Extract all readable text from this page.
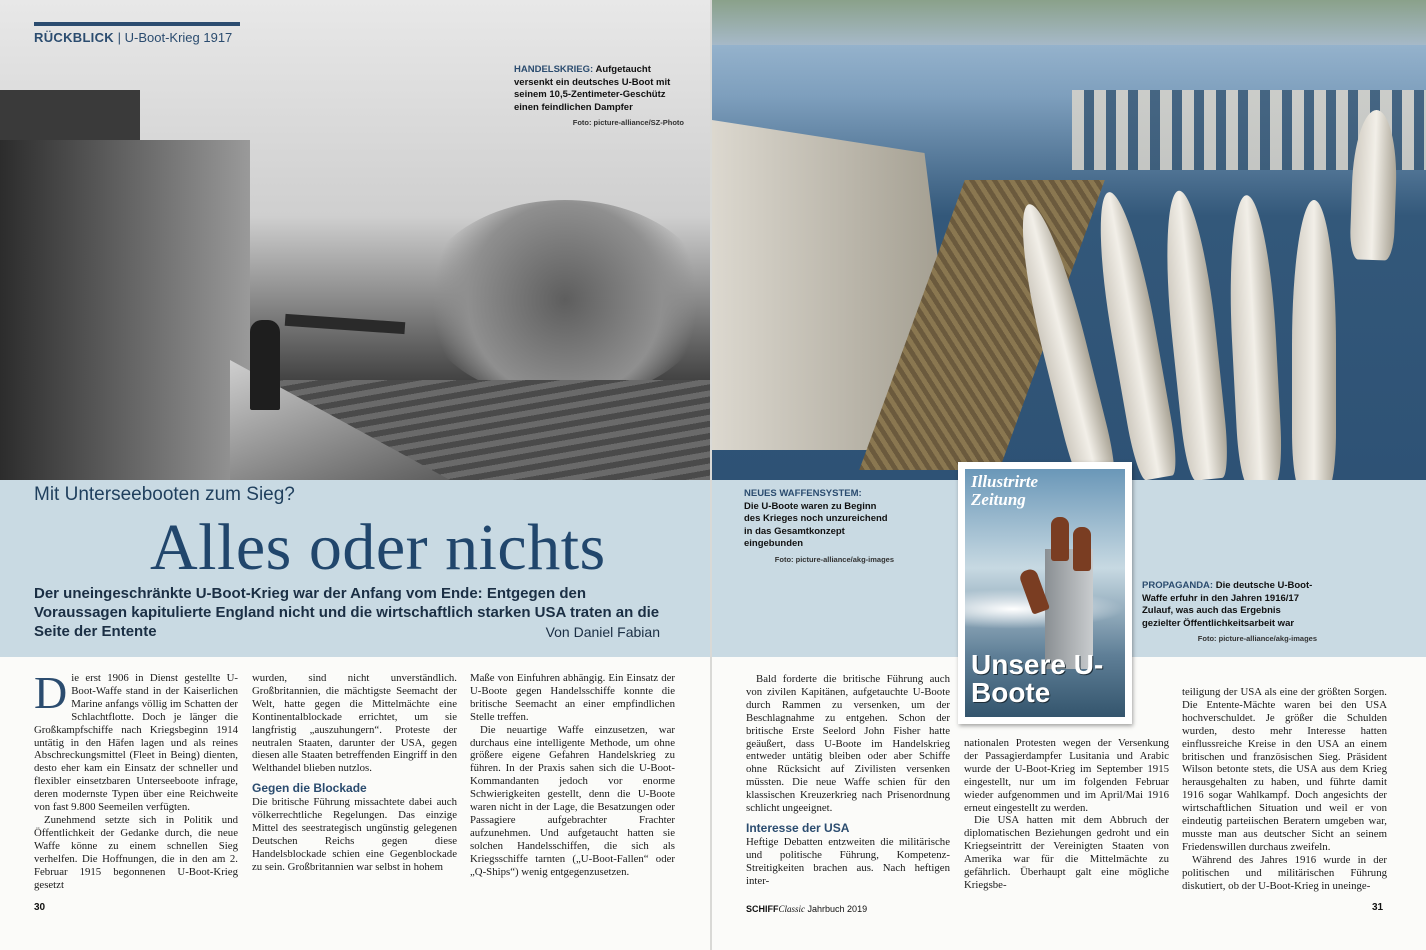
RÜCKBLICK | U-Boot-Krieg 1917
HANDELSKRIEG: Aufgetaucht versenkt ein deutsches U-Boot mit seinem 10,5-Zentimeter-Geschütz einen feindlichen Dampfer
Foto: picture-alliance/SZ-Photo
Mit Unterseebooten zum Sieg?
Alles oder nichts
Der uneingeschränkte U-Boot-Krieg war der Anfang vom Ende: Entgegen den Voraussagen kapitulierte England nicht und die wirtschaftlich starken USA traten an die Seite der Entente	Von Daniel Fabian

Die erst 1906 in Dienst gestellte U-Boot-Waffe stand in der Kaiserlichen Marine anfangs völlig im Schatten der Schlachtflotte. Doch je länger die Großkampfschiffe nach Kriegsbeginn 1914 untätig in den Häfen lagen und als reines Abschreckungsmittel (Fleet in Being) dienten, desto eher kam ein Einsatz der schneller und flexibler einsetzbaren Unterseeboote infrage, deren modernste Typen über eine Reichweite von fast 9.800 Seemeilen verfügten.

Zunehmend setzte sich in Politik und Öffentlichkeit der Gedanke durch, die neue Waffe könne zu einem schnellen Sieg verhelfen. Die Hoffnungen, die in den am 2. Februar 1915 begonnenen U-Boot-Krieg gesetzt

wurden, sind nicht unverständlich. Großbritannien, die mächtigste Seemacht der Welt, hatte gegen die Mittelmächte eine Kontinentalblockade errichtet, um sie langfristig „auszuhungern“. Proteste der neutralen Staaten, darunter der USA, gegen diesen alle Staaten betreffenden Eingriff in den Welthandel blieben nutzlos.

Gegen die Blockade

Die britische Führung missachtete dabei auch völkerrechtliche Regelungen. Das einzige Mittel des seestrategisch ungünstig gelegenen Deutschen Reichs gegen diese Handelsblockade schien eine Gegenblockade zu sein. Großbritannien war selbst in hohem

Maße von Einfuhren abhängig. Ein Einsatz der U-Boote gegen Handelsschiffe konnte die britische Seemacht an einer empfindlichen Stelle treffen.

Die neuartige Waffe einzusetzen, war durchaus eine intelligente Methode, um ohne größere eigene Gefahren Handelskrieg zu führen. In der Praxis sahen sich die U-Boot-Kommandanten jedoch vor enorme Schwierigkeiten gestellt, denn die U-Boote waren nicht in der Lage, die Besatzungen oder Passagiere aufgebrachter Frachter aufzunehmen. Und aufgetaucht hatten sie solchen Handelsschiffen, die sich als Kriegsschiffe tarnten („U-Boot-Fallen“ oder „Q-Ships“) wenig entgegenzusetzen.

30
NEUES WAFFENSYSTEM:
Die U-Boote waren zu Beginn des Krieges noch unzureichend in das Gesamtkonzept eingebunden
Foto: picture-alliance/akg-images
Illustrirte Zeitung
Unsere U-Boote
PROPAGANDA: Die deutsche U-Boot-Waffe erfuhr in den Jahren 1916/17 Zulauf, was auch das Ergebnis gezielter Öffentlichkeitsarbeit war
Foto: picture-alliance/akg-images

Bald forderte die britische Führung auch von zivilen Kapitänen, aufgetauchte U-Boote durch Rammen zu versenken, um der Beschlagnahme zu entgehen. Schon der britische Erste Seelord John Fisher hatte geäußert, dass U-Boote im Handelskrieg entweder untätig bleiben oder aber Schiffe ohne Rücksicht auf Zivilisten versenken müssten. Die neue Waffe schien für den klassischen Kreuzerkrieg nach Prisenordnung schlicht ungeeignet.

Interesse der USA

Heftige Debatten entzweiten die militärische und politische Führung, Kompetenz-Streitigkeiten brachen aus. Nach heftigen inter-

nationalen Protesten wegen der Versenkung der Passagierdampfer Lusitania und Arabic wurde der U-Boot-Krieg im September 1915 eingestellt, nur um im folgenden Februar wieder aufgenommen und im April/Mai 1916 erneut eingestellt zu werden.

Die USA hatten mit dem Abbruch der diplomatischen Beziehungen gedroht und ein Kriegseintritt der Vereinigten Staaten von Amerika war für die Mittelmächte zu gefährlich. Überhaupt galt eine mögliche Kriegsbe-

teiligung der USA als eine der größten Sorgen. Die Entente-Mächte waren bei den USA hochverschuldet. Je größer die Schulden wurden, desto mehr Interesse hatten einflussreiche Kreise in den USA an einem britischen und französischen Sieg. Präsident Wilson betonte stets, die USA aus dem Krieg herausgehalten zu haben, und führte damit 1916 sogar Wahlkampf. Doch angesichts der wirtschaftlichen Situation und weil er von eindeutig parteiischen Beratern umgeben war, musste man aus deutscher Sicht an seinem Friedenswillen durchaus zweifeln.

Während des Jahres 1916 wurde in der politischen und militärischen Führung diskutiert, ob der U-Boot-Krieg in uneinge-

SCHIFFClassic Jahrbuch 2019	31
